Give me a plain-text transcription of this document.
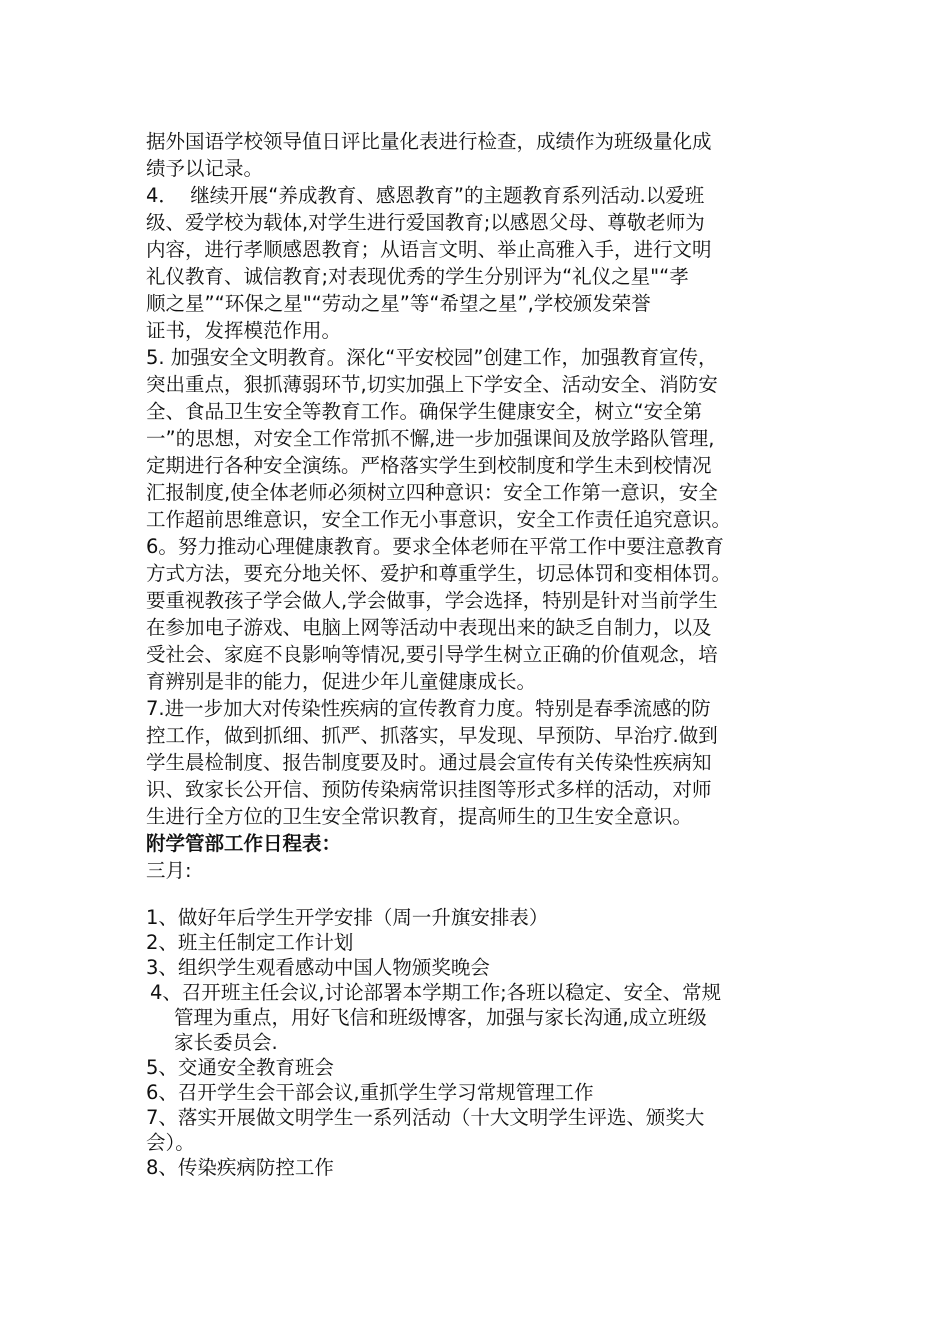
据外国语学校领导值日评比量化表进行检查，成绩作为班级量化成
绩予以记录。
4．  继续开展“养成教育、感恩教育”的主题教育系列活动.以爱班
级、爱学校为载体,对学生进行爱国教育;以感恩父母、尊敬老师为
内容，进行孝顺感恩教育；从语言文明、举止高雅入手，进行文明
礼仪教育、诚信教育;对表现优秀的学生分别评为“礼仪之星"“孝
顺之星”“环保之星"“劳动之星”等“希望之星”,学校颁发荣誉
证书，发挥模范作用。
5. 加强安全文明教育。深化“平安校园”创建工作，加强教育宣传，
突出重点，狠抓薄弱环节,切实加强上下学安全、活动安全、消防安
全、食品卫生安全等教育工作。确保学生健康安全，树立“安全第
一”的思想，对安全工作常抓不懈,进一步加强课间及放学路队管理,
定期进行各种安全演练。严格落实学生到校制度和学生未到校情况
汇报制度,使全体老师必须树立四种意识：安全工作第一意识，安全
工作超前思维意识，安全工作无小事意识，安全工作责任追究意识。
6。努力推动心理健康教育。要求全体老师在平常工作中要注意教育
方式方法，要充分地关怀、爱护和尊重学生，切忌体罚和变相体罚。
要重视教孩子学会做人,学会做事，学会选择，特别是针对当前学生
在参加电子游戏、电脑上网等活动中表现出来的缺乏自制力，以及
受社会、家庭不良影响等情况,要引导学生树立正确的价值观念，培
育辨别是非的能力，促进少年儿童健康成长。
7.进一步加大对传染性疾病的宣传教育力度。特别是春季流感的防
控工作，做到抓细、抓严、抓落实，早发现、早预防、早治疗.做到
学生晨检制度、报告制度要及时。通过晨会宣传有关传染性疾病知
识、致家长公开信、预防传染病常识挂图等形式多样的活动，对师
生进行全方位的卫生安全常识教育，提高师生的卫生安全意识。
附学管部工作日程表：
三月:
1、做好年后学生开学安排（周一升旗安排表）
2、班主任制定工作计划
3、组织学生观看感动中国人物颁奖晚会
4、召开班主任会议,讨论部署本学期工作;各班以稳定、安全、常规
管理为重点，用好飞信和班级博客，加强与家长沟通,成立班级
家长委员会.
5、交通安全教育班会
6、召开学生会干部会议,重抓学生学习常规管理工作
7、落实开展做文明学生一系列活动（十大文明学生评选、颁奖大
会）。
8、传染疾病防控工作
